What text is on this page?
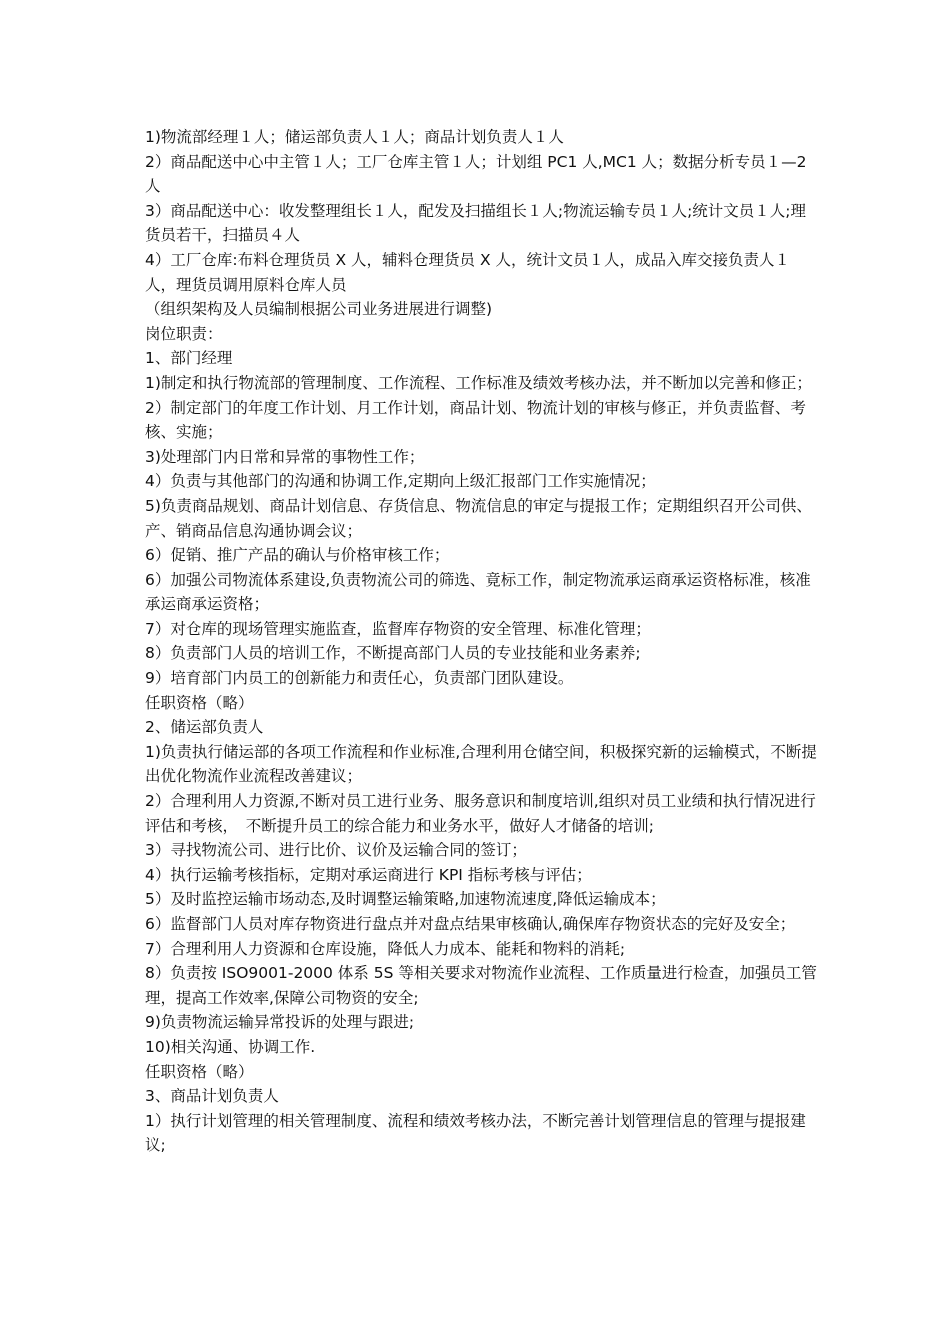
1)物流部经理１人；储运部负责人１人；商品计划负责人１人

2）商品配送中心中主管１人；工厂仓库主管１人；计划组 PC1 人,MC1 人；数据分析专员１—2 人

3）商品配送中心：收发整理组长１人，配发及扫描组长１人;物流运输专员１人;统计文员１人;理货员若干，扫描员４人

4）工厂仓库:布料仓理货员 X 人，辅料仓理货员 X 人，统计文员１人，成品入库交接负责人１人，理货员调用原料仓库人员

（组织架构及人员编制根据公司业务进展进行调整)

岗位职责：

1、部门经理

1)制定和执行物流部的管理制度、工作流程、工作标准及绩效考核办法，并不断加以完善和修正；

2）制定部门的年度工作计划、月工作计划，商品计划、物流计划的审核与修正，并负责监督、考核、实施；

3)处理部门内日常和异常的事物性工作；

4）负责与其他部门的沟通和协调工作,定期向上级汇报部门工作实施情况；

5)负责商品规划、商品计划信息、存货信息、物流信息的审定与提报工作；定期组织召开公司供、产、销商品信息沟通协调会议；

6）促销、推广产品的确认与价格审核工作；

6）加强公司物流体系建设,负责物流公司的筛选、竟标工作，制定物流承运商承运资格标准，核准承运商承运资格；

7）对仓库的现场管理实施监查，监督库存物资的安全管理、标准化管理；

8）负责部门人员的培训工作，不断提高部门人员的专业技能和业务素养;

9）培育部门内员工的创新能力和责任心，负责部门团队建设。

任职资格（略）

2、储运部负责人

1)负责执行储运部的各项工作流程和作业标准,合理利用仓储空间，积极探究新的运输模式，不断提出优化物流作业流程改善建议；

2）合理利用人力资源,不断对员工进行业务、服务意识和制度培训,组织对员工业绩和执行情况进行评估和考核，　不断提升员工的综合能力和业务水平，做好人才储备的培训;

3）寻找物流公司、进行比价、议价及运输合同的签订；

4）执行运输考核指标，定期对承运商进行 KPI 指标考核与评估；

5）及时监控运输市场动态,及时调整运输策略,加速物流速度,降低运输成本；

6）监督部门人员对库存物资进行盘点并对盘点结果审核确认,确保库存物资状态的完好及安全；

7）合理利用人力资源和仓库设施，降低人力成本、能耗和物料的消耗;

8）负责按 ISO9001-2000 体系 5S 等相关要求对物流作业流程、工作质量进行检查，加强员工管理，提高工作效率,保障公司物资的安全;

9)负责物流运输异常投诉的处理与跟进;

10)相关沟通、协调工作.

任职资格（略）

3、商品计划负责人

1）执行计划管理的相关管理制度、流程和绩效考核办法，不断完善计划管理信息的管理与提报建议;
